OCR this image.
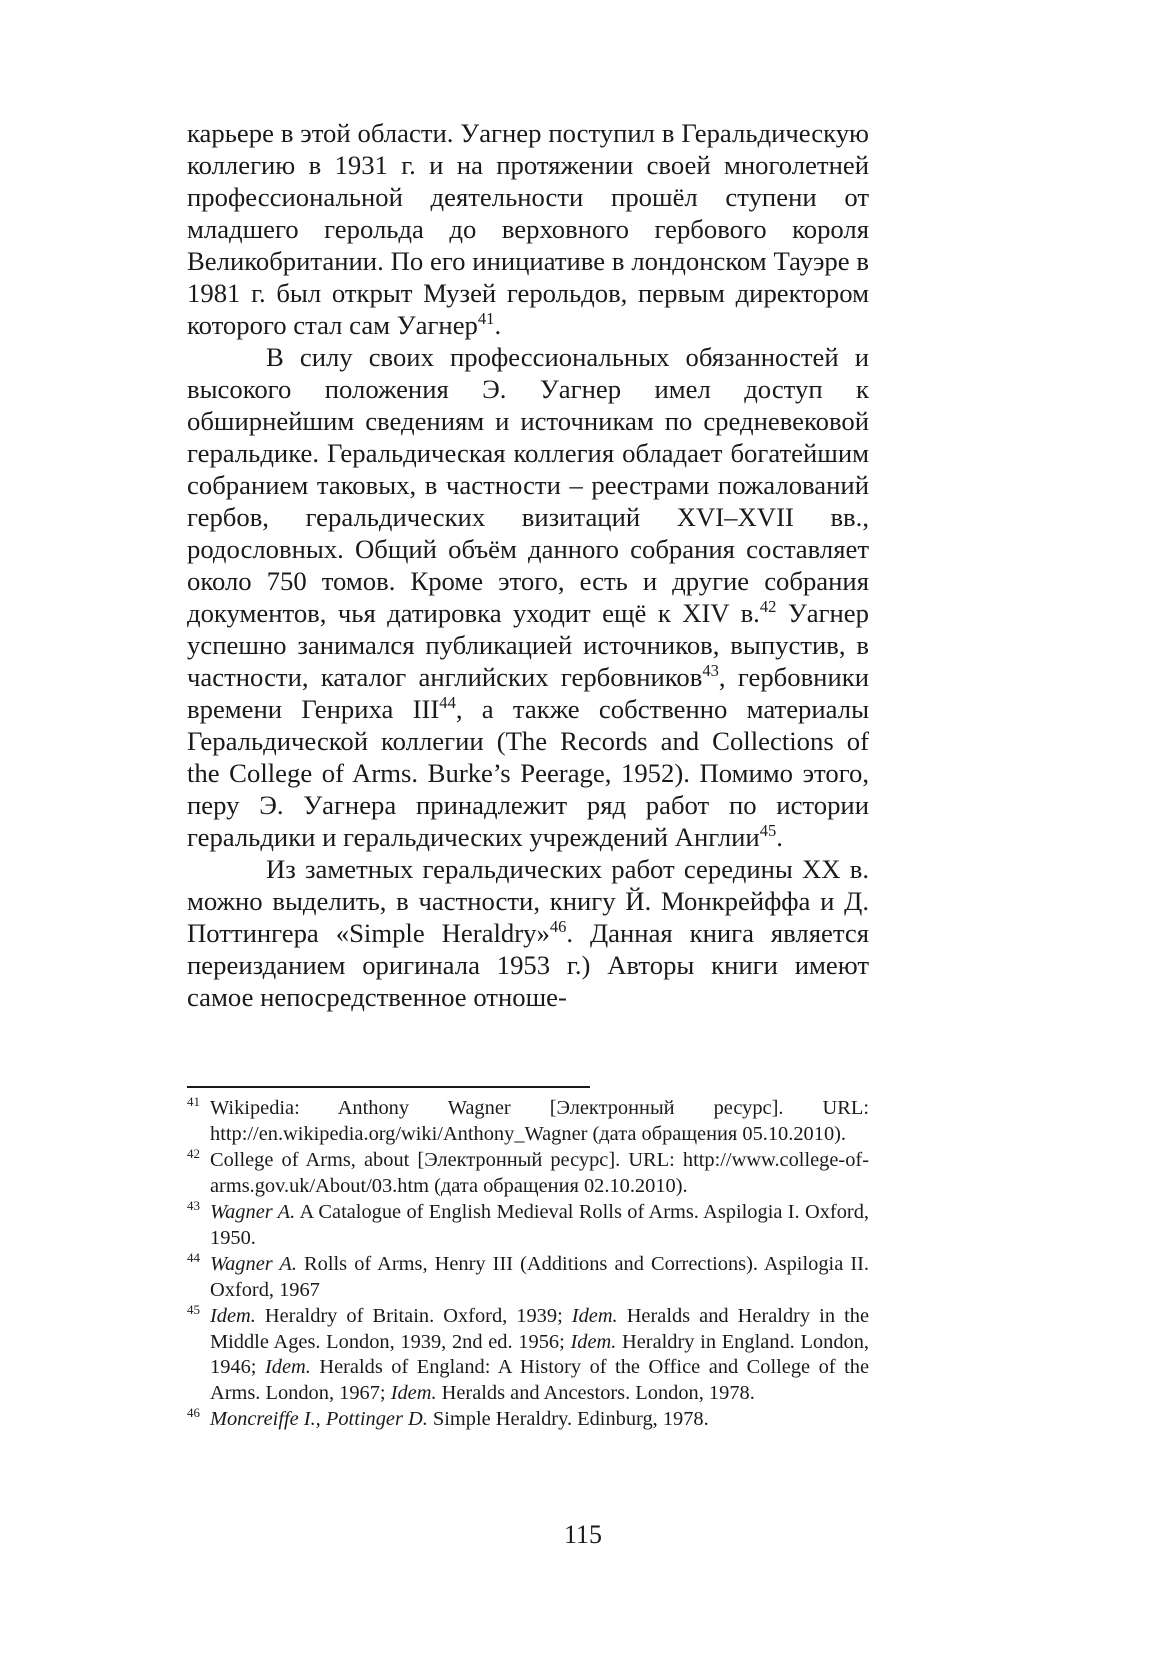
карьере в этой области. Уагнер поступил в Геральдическую коллегию в 1931 г. и на протяжении своей многолетней профессиональной деятельности прошёл ступени от младшего герольда до верховного гербового короля Великобритании. По его инициативе в лондонском Тауэре в 1981 г. был открыт Музей герольдов, первым директором которого стал сам Уагнер$^{41}$.

В силу своих профессиональных обязанностей и высокого положения Э. Уагнер имел доступ к обширнейшим сведениям и источникам по средневековой геральдике. Геральдическая коллегия обладает богатейшим собранием таковых, в частности – реестрами пожалований гербов, геральдических визитаций XVI–XVII вв., родословных. Общий объём данного собрания составляет около 750 томов. Кроме этого, есть и другие собрания документов, чья датировка уходит ещё к XIV в.$^{42}$ Уагнер успешно занимался публикацией источников, выпустив, в частности, каталог английских гербовников$^{43}$, гербовники времени Генриха III$^{44}$, а также собственно материалы Геральдической коллегии (The Records and Collections of the College of Arms. Burke’s Peerage, 1952). Помимо этого, перу Э. Уагнера принадлежит ряд работ по истории геральдики и геральдических учреждений Англии$^{45}$.

Из заметных геральдических работ середины XX в. можно выделить, в частности, книгу Й. Монкрейффа и Д. Поттингера «Simple Heraldry»$^{46}$. Данная книга является переизданием оригинала 1953 г.) Авторы книги имеют самое непосредственное отноше-

41 Wikipedia: Anthony Wagner [Электронный ресурс]. URL: http://en.wikipedia.org/wiki/Anthony_Wagner (дата обращения 05.10.2010).
42 College of Arms, about [Электронный ресурс]. URL: http://www.college-of-arms.gov.uk/About/03.htm (дата обращения 02.10.2010).
43 Wagner A. A Catalogue of English Medieval Rolls of Arms. Aspilogia I. Oxford, 1950.
44 Wagner A. Rolls of Arms, Henry III (Additions and Corrections). Aspilogia II. Oxford, 1967
45 Idem. Heraldry of Britain. Oxford, 1939; Idem. Heralds and Heraldry in the Middle Ages. London, 1939, 2nd ed. 1956; Idem. Heraldry in England. London, 1946; Idem. Heralds of England: A History of the Office and College of the Arms. London, 1967; Idem. Heralds and Ancestors. London, 1978.
46 Moncreiffe I., Pottinger D. Simple Heraldry. Edinburg, 1978.
115
